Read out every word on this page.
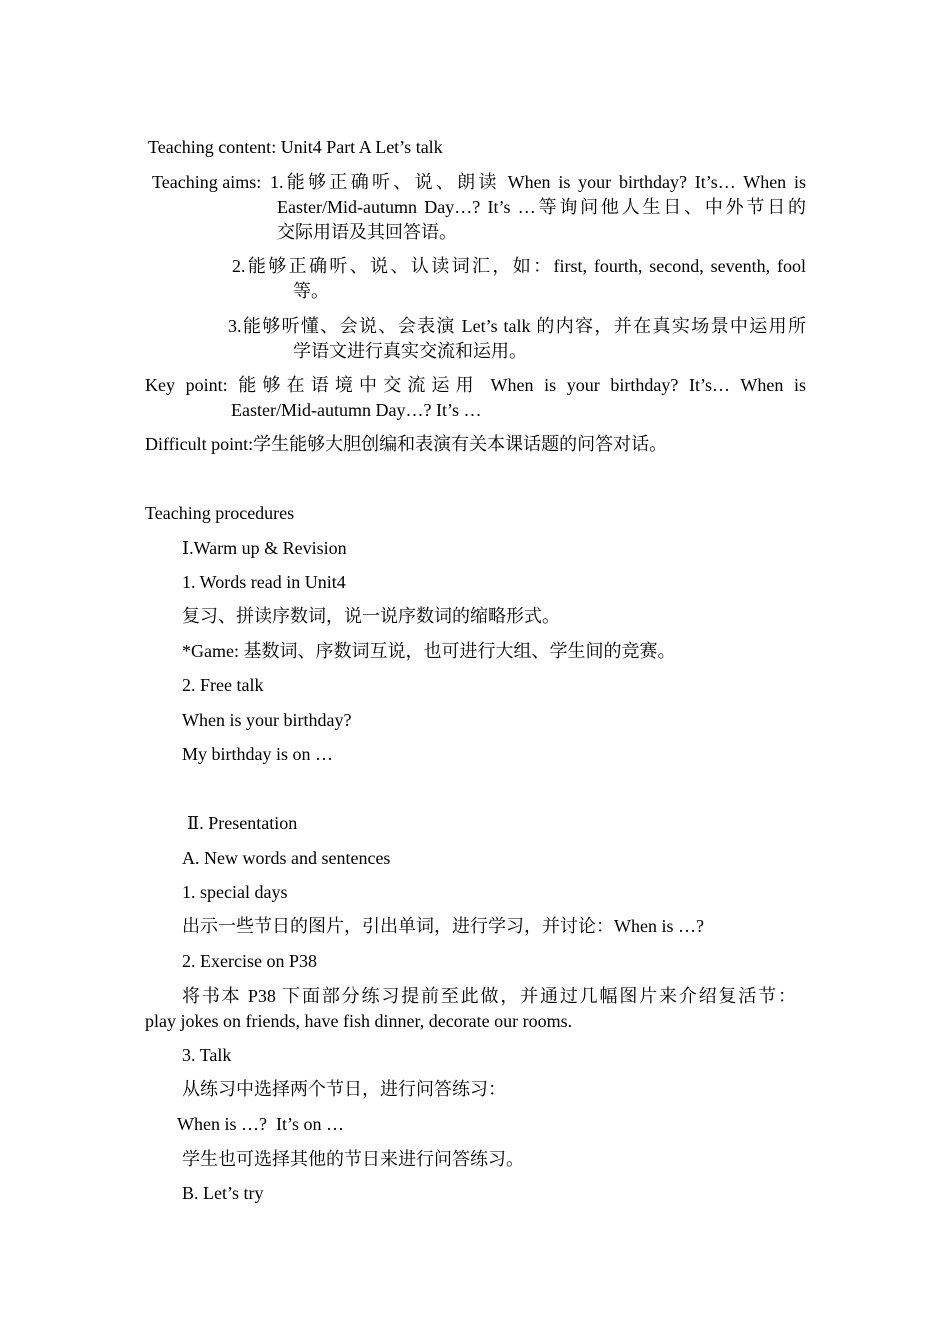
Teaching content: Unit4 Part A Let’s talk
Teaching aims: 1.能够正确听、说、朗读 When is your birthday? It’s… When is
Easter/Mid-autumn Day…? It’s …等询问他人生日、中外节日的
交际用语及其回答语。
2.能够正确听、说、认读词汇，如：first, fourth, second, seventh, fool
等。
3.能够听懂、会说、会表演 Let’s talk 的内容，并在真实场景中运用所
学语文进行真实交流和运用。
Key point: 能够在语境中交流运用 When is your birthday? It’s… When is
Easter/Mid-autumn Day…? It’s …
Difficult point:学生能够大胆创编和表演有关本课话题的问答对话。
Teaching procedures
Ⅰ.Warm up & Revision
1. Words read in Unit4
复习、拼读序数词，说一说序数词的缩略形式。
*Game: 基数词、序数词互说，也可进行大组、学生间的竞赛。
2. Free talk
When is your birthday?
My birthday is on …
Ⅱ. Presentation
A. New words and sentences
1. special days
出示一些节日的图片，引出单词，进行学习，并讨论：When is …?
2. Exercise on P38
将书本 P38 下面部分练习提前至此做，并通过几幅图片来介绍复活节：
play jokes on friends, have fish dinner, decorate our rooms.
3. Talk
从练习中选择两个节日，进行问答练习：
When is …?  It’s on …
学生也可选择其他的节日来进行问答练习。
B. Let’s try
